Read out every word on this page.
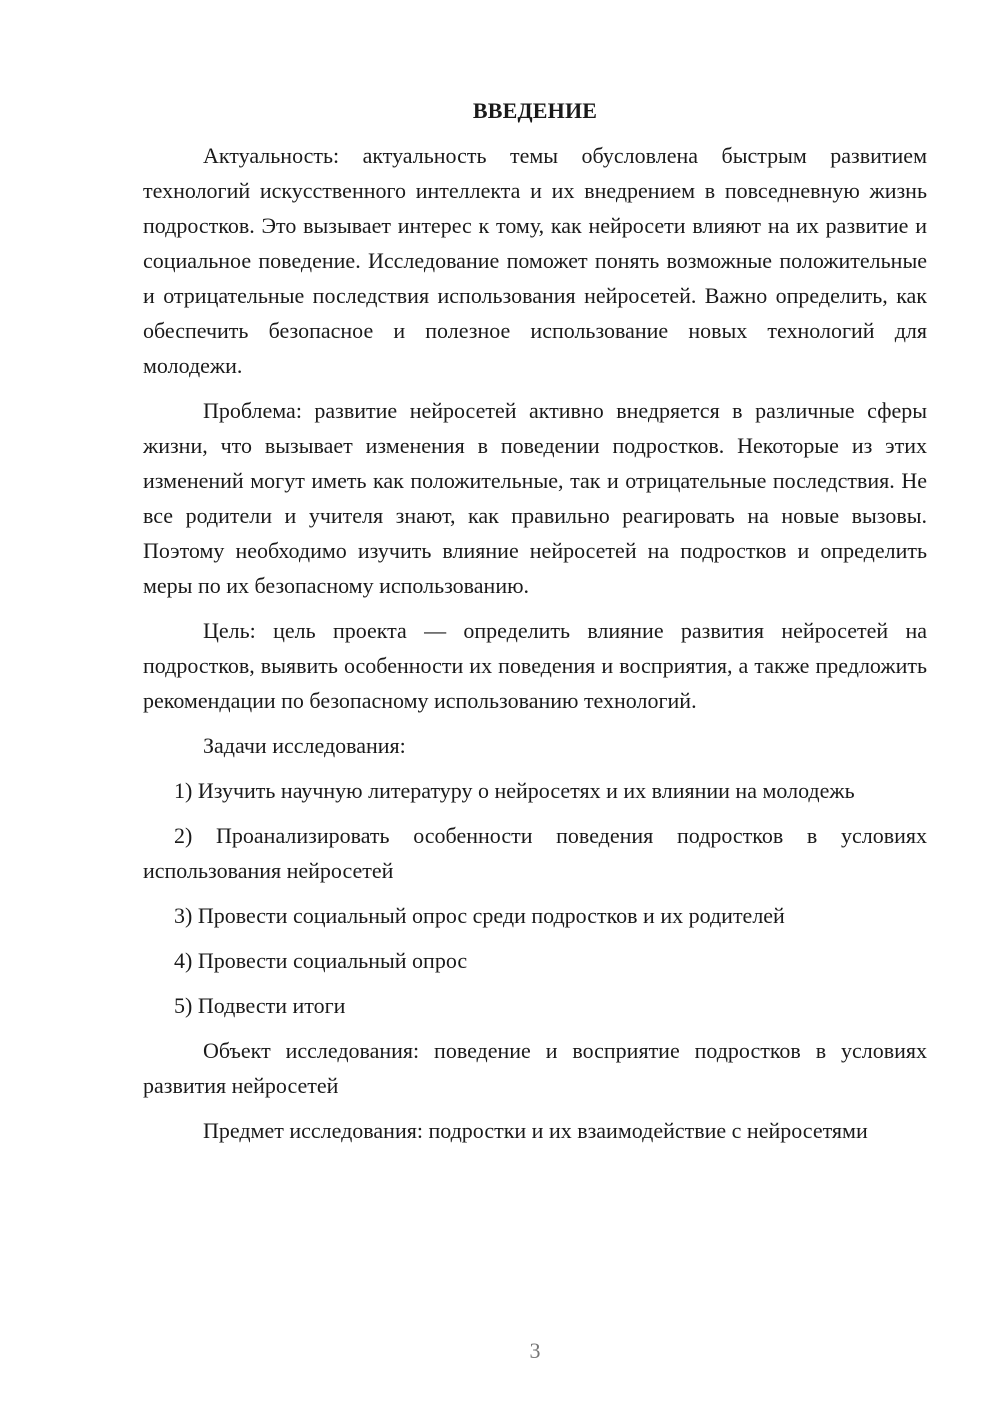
ВВЕДЕНИЕ

Актуальность: актуальность темы обусловлена быстрым развитием технологий искусственного интеллекта и их внедрением в повседневную жизнь подростков. Это вызывает интерес к тому, как нейросети влияют на их развитие и социальное поведение. Исследование поможет понять возможные положительные и отрицательные последствия использования нейросетей. Важно определить, как обеспечить безопасное и полезное использование новых технологий для молодежи.

Проблема: развитие нейросетей активно внедряется в различные сферы жизни, что вызывает изменения в поведении подростков. Некоторые из этих изменений могут иметь как положительные, так и отрицательные последствия. Не все родители и учителя знают, как правильно реагировать на новые вызовы. Поэтому необходимо изучить влияние нейросетей на подростков и определить меры по их безопасному использованию.

Цель: цель проекта — определить влияние развития нейросетей на подростков, выявить особенности их поведения и восприятия, а также предложить рекомендации по безопасному использованию технологий.

Задачи исследования:

1) Изучить научную литературу о нейросетях и их влиянии на молодежь

2) Проанализировать особенности поведения подростков в условиях использования нейросетей

3) Провести социальный опрос среди подростков и их родителей

4) Провести социальный опрос

5) Подвести итоги

Объект исследования: поведение и восприятие подростков в условиях развития нейросетей

Предмет исследования: подростки и их взаимодействие с нейросетями

3
